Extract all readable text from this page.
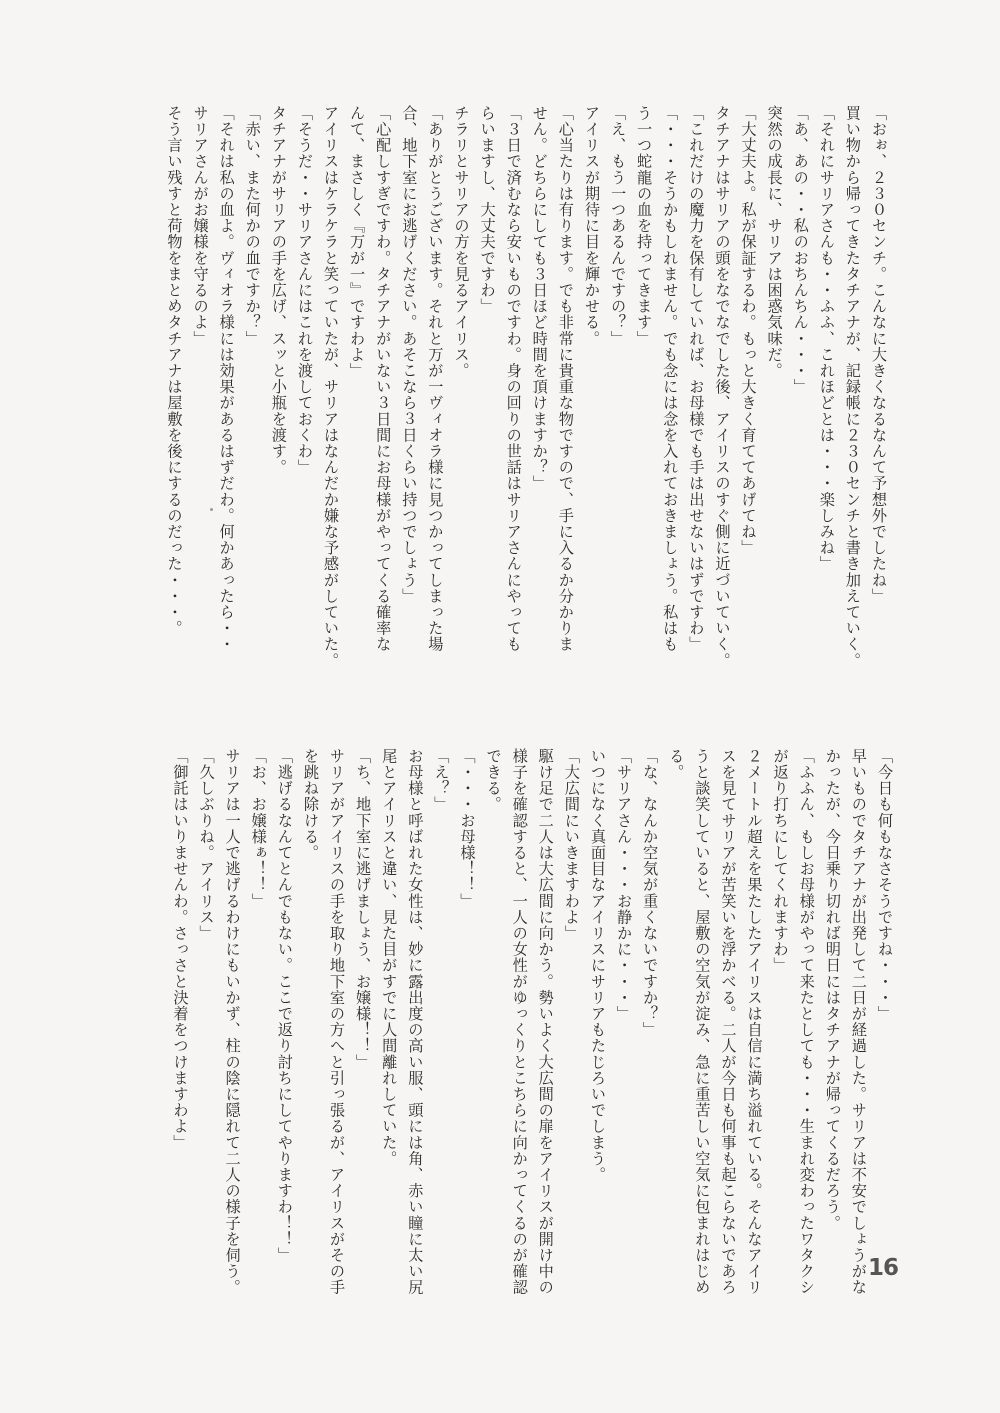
「おぉ、２３０センチ。こんなに大きくなるなんて予想外でしたね」
買い物から帰ってきたタチアナが、記録帳に２３０センチと書き加えていく。
「それにサリアさんも・・ふふ、これほどとは・・・楽しみね」
「あ、あの・・私のおちんちん・・・」
突然の成長に、サリアは困惑気味だ。
「大丈夫よ。私が保証するわ。もっと大きく育ててあげてね」
タチアナはサリアの頭をなでなでした後、アイリスのすぐ側に近づいていく。
「これだけの魔力を保有していれば、お母様でも手は出せないはずですわ」
「・・・そうかもしれません。でも念には念を入れておきましょう。私はも
う一つ蛇龍の血を持ってきます」
「え、もう一つあるんですの？」
アイリスが期待に目を輝かせる。
「心当たりは有ります。でも非常に貴重な物ですので、手に入るか分かりま
せん。どちらにしても３日ほど時間を頂けますか？」
「３日で済むなら安いものですわ。身の回りの世話はサリアさんにやっても
らいますし、大丈夫ですわ」
チラリとサリアの方を見るアイリス。
「ありがとうございます。それと万が一ヴィオラ様に見つかってしまった場
合、地下室にお逃げください。あそこなら３日くらい持つでしょう」
「心配しすぎですわ。タチアナがいない３日間にお母様がやってくる確率な
んて、まさしく『万が一』ですわよ」
アイリスはケラケラと笑っていたが、サリアはなんだか嫌な予感がしていた。
「そうだ・・サリアさんにはこれを渡しておくわ」
タチアナがサリアの手を広げ、スッと小瓶を渡す。
「赤い、また何かの血ですか？」
「それは私の血よ。ヴィオラ様には効果があるはずだわ。何かあったら・・
サリアさんがお嬢様を守るのよ」
そう言い残すと荷物をまとめタチアナは屋敷を後にするのだった・・・。
「今日も何もなさそうですね・・・」
早いものでタチアナが出発して二日が経過した。サリアは不安でしょうがな
かったが、今日乗り切れば明日にはタチアナが帰ってくるだろう。
「ふふん、もしお母様がやって来たとしても・・・生まれ変わったワタクシ
が返り打ちにしてくれますわ」
２メートル超えを果たしたアイリスは自信に満ち溢れている。そんなアイリ
スを見てサリアが苦笑いを浮かべる。二人が今日も何事も起こらないであろ
うと談笑していると、屋敷の空気が淀み、急に重苦しい空気に包まれはじめ
る。
「な、なんか空気が重くないですか？」
「サリアさん・・・お静かに・・・」
いつになく真面目なアイリスにサリアもたじろいでしまう。
「大広間にいきますわよ」
駆け足で二人は大広間に向かう。勢いよく大広間の扉をアイリスが開け中の
様子を確認すると、一人の女性がゆっくりとこちらに向かってくるのが確認
できる。
「・・・お母様！！」
「え？」
お母様と呼ばれた女性は、妙に露出度の高い服、頭には角、赤い瞳に太い尻
尾とアイリスと違い、見た目がすでに人間離れしていた。
「ち、地下室に逃げましょう、お嬢様！！」
サリアがアイリスの手を取り地下室の方へと引っ張るが、アイリスがその手
を跳ね除ける。
「逃げるなんてとんでもない。ここで返り討ちにしてやりますわ！！」
「お、お嬢様ぁ！！」
サリアは一人で逃げるわけにもいかず、柱の陰に隠れて二人の様子を伺う。
「久しぶりね。アイリス」
「御託はいりませんわ。さっさと決着をつけますわよ」
16
